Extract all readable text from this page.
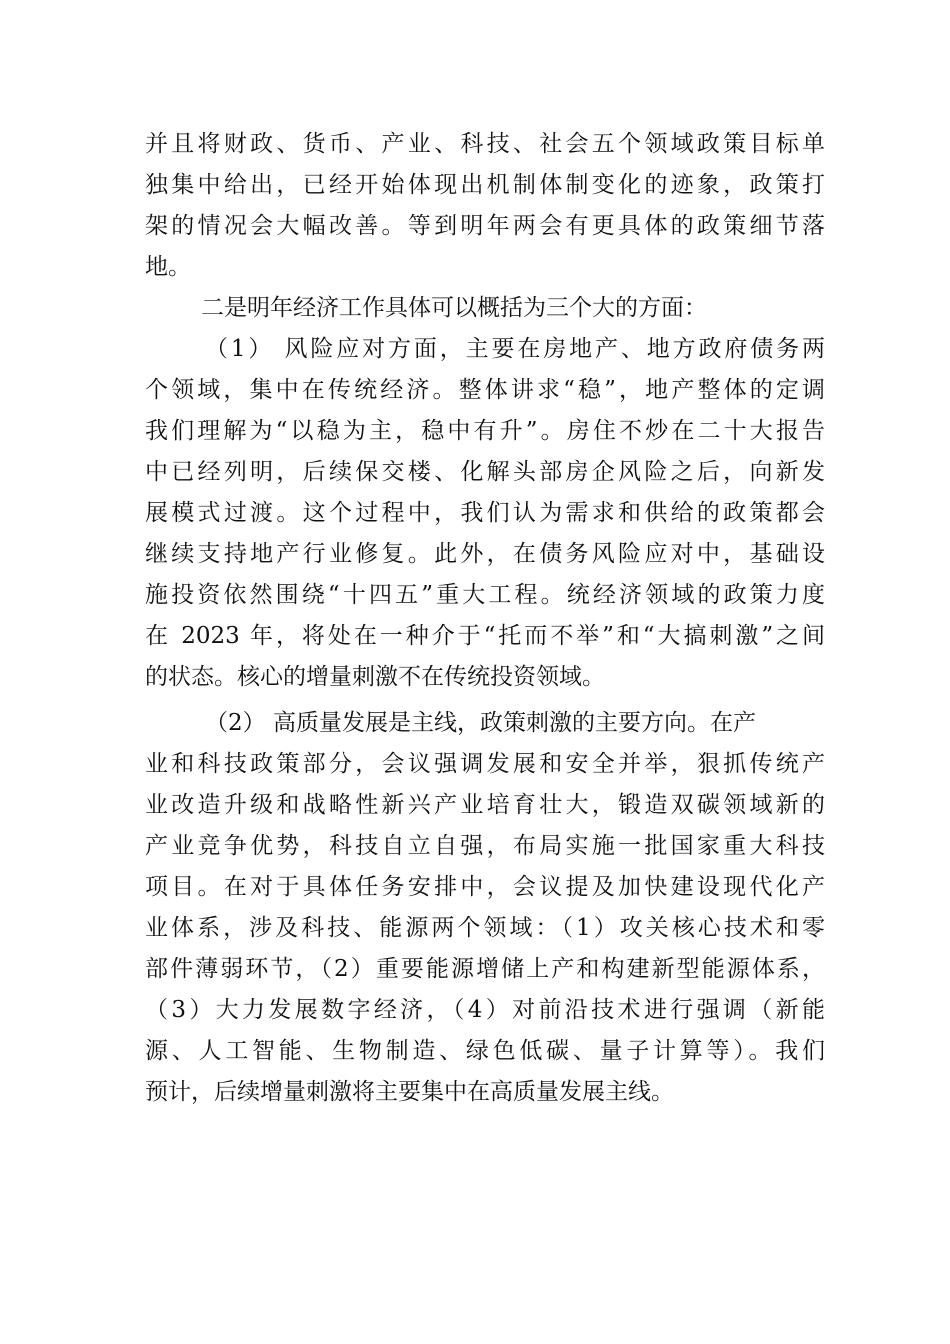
并且将财政、货币、产业、科技、社会五个领域政策目标单
独集中给出，已经开始体现出机制体制变化的迹象，政策打
架的情况会大幅改善。等到明年两会有更具体的政策细节落
地。
二是明年经济工作具体可以概括为三个大的方面：
（1） 风险应对方面，主要在房地产、地方政府债务两
个领域，集中在传统经济。整体讲求“稳”，地产整体的定调
我们理解为“以稳为主，稳中有升”。房住不炒在二十大报告
中已经列明，后续保交楼、化解头部房企风险之后，向新发
展模式过渡。这个过程中，我们认为需求和供给的政策都会
继续支持地产行业修复。此外，在债务风险应对中，基础设
施投资依然围绕“十四五”重大工程。统经济领域的政策力度
在 2023 年，将处在一种介于“托而不举”和“大搞刺激”之间
的状态。核心的增量刺激不在传统投资领域。
（2） 高质量发展是主线，政策刺激的主要方向。在产
业和科技政策部分，会议强调发展和安全并举，狠抓传统产
业改造升级和战略性新兴产业培育壮大，锻造双碳领域新的
产业竞争优势，科技自立自强，布局实施一批国家重大科技
项目。在对于具体任务安排中，会议提及加快建设现代化产
业体系，涉及科技、能源两个领域：（1）攻关核心技术和零
部件薄弱环节，（2）重要能源增储上产和构建新型能源体系，
（3）大力发展数字经济，（4）对前沿技术进行强调（新能
源、人工智能、生物制造、绿色低碳、量子计算等）。我们
预计，后续增量刺激将主要集中在高质量发展主线。
